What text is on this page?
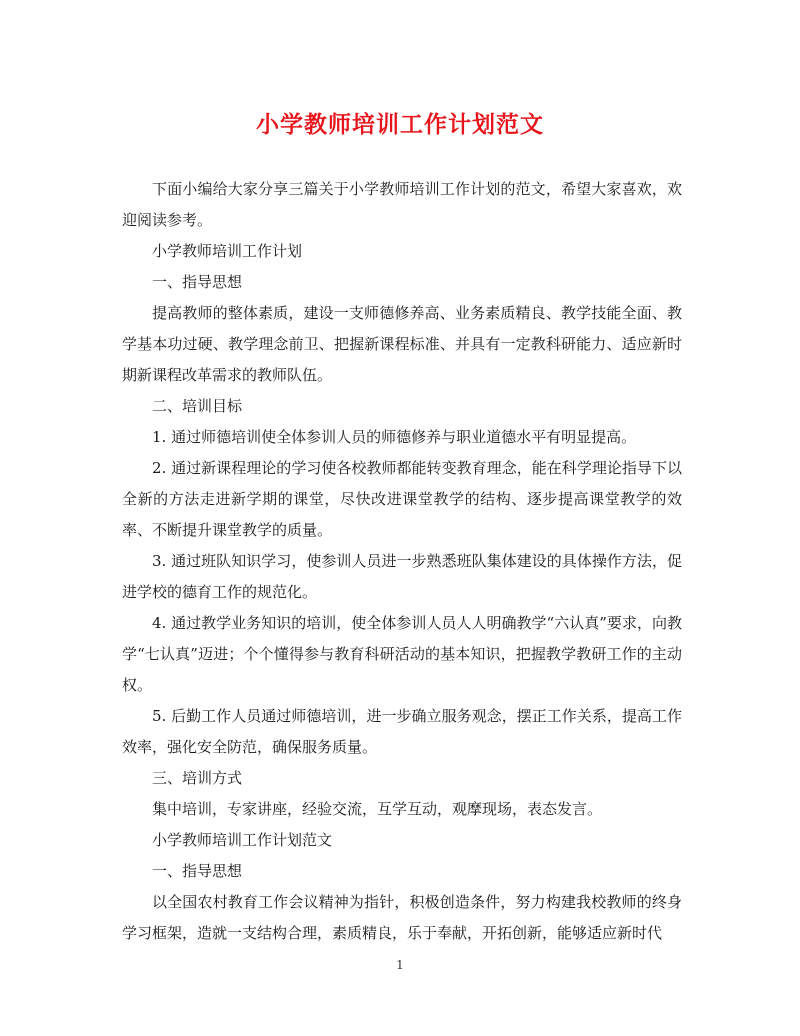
小学教师培训工作计划范文

下面小编给大家分享三篇关于小学教师培训工作计划的范文，希望大家喜欢，欢迎阅读参考。

小学教师培训工作计划

一、指导思想

提高教师的整体素质，建设一支师德修养高、业务素质精良、教学技能全面、教学基本功过硬、教学理念前卫、把握新课程标准、并具有一定教科研能力、适应新时期新课程改革需求的教师队伍。

二、培训目标

1. 通过师德培训使全体参训人员的师德修养与职业道德水平有明显提高。

2. 通过新课程理论的学习使各校教师都能转变教育理念，能在科学理论指导下以全新的方法走进新学期的课堂，尽快改进课堂教学的结构、逐步提高课堂教学的效率、不断提升课堂教学的质量。

3. 通过班队知识学习，使参训人员进一步熟悉班队集体建设的具体操作方法，促进学校的德育工作的规范化。

4. 通过教学业务知识的培训，使全体参训人员人人明确教学“六认真”要求，向教学“七认真”迈进；个个懂得参与教育科研活动的基本知识，把握教学教研工作的主动权。

5. 后勤工作人员通过师德培训，进一步确立服务观念，摆正工作关系，提高工作效率，强化安全防范，确保服务质量。

三、培训方式

集中培训，专家讲座，经验交流，互学互动，观摩现场，表态发言。

小学教师培训工作计划范文

一、指导思想

以全国农村教育工作会议精神为指针，积极创造条件，努力构建我校教师的终身学习框架，造就一支结构合理，素质精良，乐于奉献，开拓创新，能够适应新时代

1
